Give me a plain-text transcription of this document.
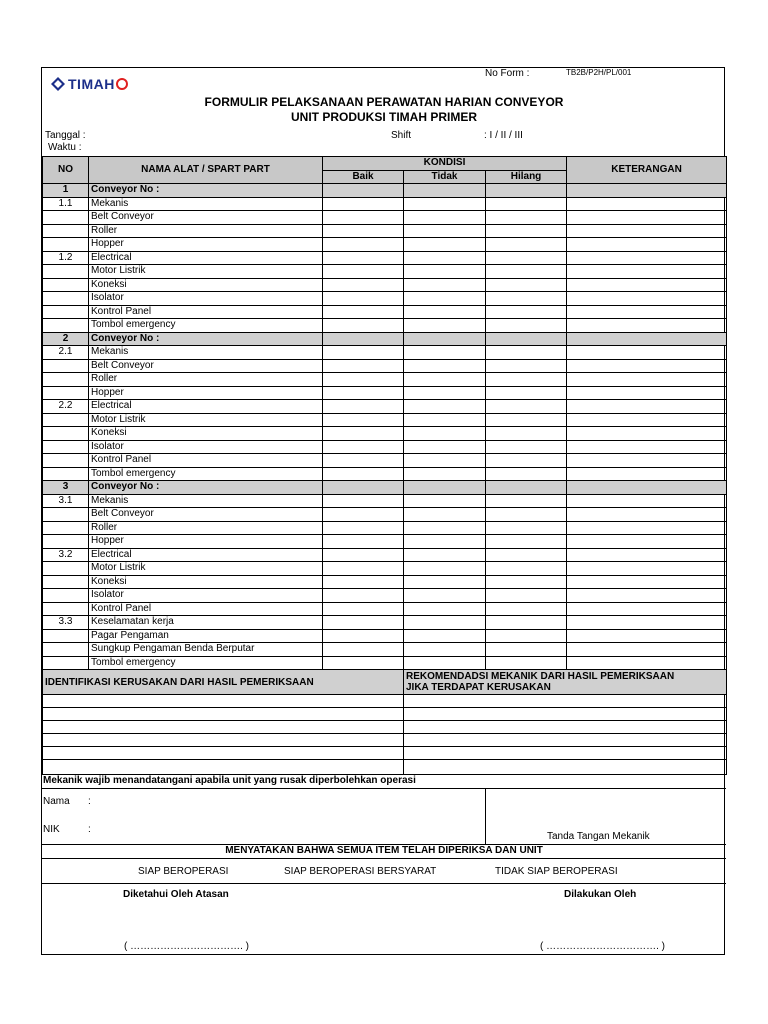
TIMAH
No Form :	TB2B/P2H/PL/001
FORMULIR PELAKSANAAN PERAWATAN HARIAN CONVEYOR
UNIT PRODUKSI TIMAH PRIMER
Tanggal :
Waktu :
Shift	: I / II / III
NO	NAMA ALAT / SPART PART	KONDISI			KETERANGAN
		Baik	Tidak	Hilang	
1	Conveyor No :				
1.1	Mekanis				
	Belt Conveyor				
	Roller				
	Hopper				
1.2	Electrical				
	Motor Listrik				
	Koneksi				
	Isolator				
	Kontrol Panel				
	Tombol emergency				
2	Conveyor No :				
2.1	Mekanis				
	Belt Conveyor				
	Roller				
	Hopper				
2.2	Electrical				
	Motor Listrik				
	Koneksi				
	Isolator				
	Kontrol Panel				
	Tombol emergency				
3	Conveyor No :				
3.1	Mekanis				
	Belt Conveyor				
	Roller				
	Hopper				
3.2	Electrical				
	Motor Listrik				
	Koneksi				
	Isolator				
	Kontrol Panel				
3.3	Keselamatan kerja				
	Pagar Pengaman				
	Sungkup Pengaman Benda Berputar				
	Tombol emergency				
IDENTIFIKASI KERUSAKAN DARI HASIL PEMERIKSAAN	REKOMENDADSI MEKANIK DARI HASIL PEMERIKSAAN
JIKA TERDAPAT KERUSAKAN

Mekanik wajib menandatangani apabila unit yang rusak diperbolehkan operasi
Nama :
NIK	:
Tanda Tangan Mekanik
MENYATAKAN BAHWA SEMUA ITEM TELAH DIPERIKSA DAN UNIT
SIAP BEROPERASI	SIAP BEROPERASI BERSYARAT	TIDAK SIAP BEROPERASI
Diketahui Oleh Atasan	Dilakukan Oleh
( ……………………………. )	( ……………………………. )
